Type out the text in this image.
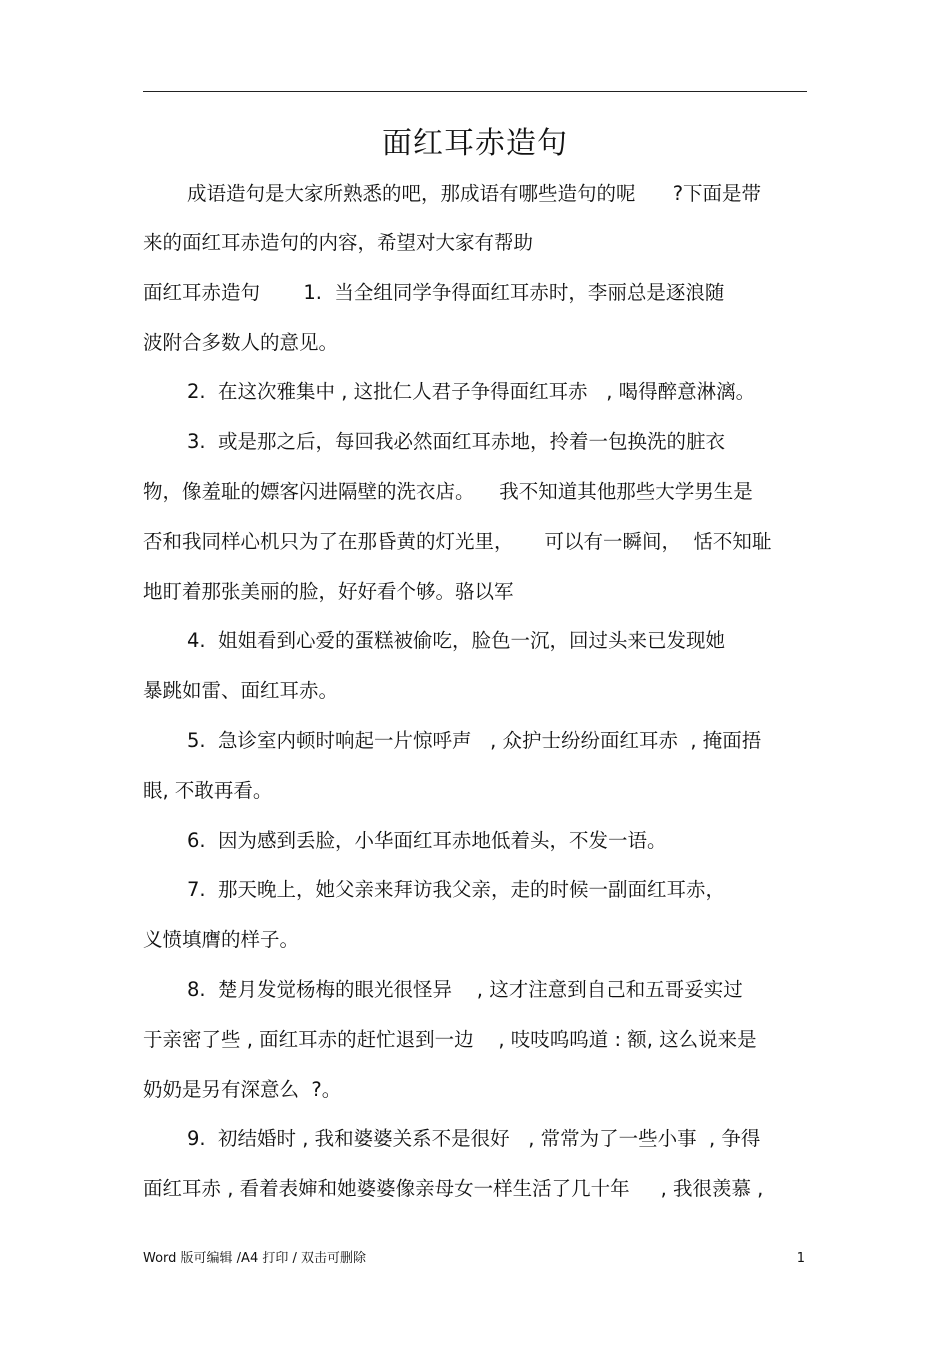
面红耳赤造句
成语造句是大家所熟悉的吧，那成语有哪些造句的呢      ?下面是带
来的面红耳赤造句的内容，希望对大家有帮助
面红耳赤造句       1.  当全组同学争得面红耳赤时，李丽总是逐浪随
波附合多数人的意见。
2.  在这次雅集中 , 这批仁人君子争得面红耳赤   , 喝得醉意淋漓。
3.  或是那之后，每回我必然面红耳赤地，拎着一包换洗的脏衣
物，像羞耻的嫖客闪进隔壁的洗衣店。    我不知道其他那些大学男生是
否和我同样心机只为了在那昏黄的灯光里，     可以有一瞬间，  恬不知耻
地盯着那张美丽的脸，好好看个够。骆以军
4.  姐姐看到心爱的蛋糕被偷吃，脸色一沉，回过头来已发现她
暴跳如雷、面红耳赤。
5.  急诊室内顿时响起一片惊呼声   , 众护士纷纷面红耳赤  , 掩面捂
眼, 不敢再看。
6.  因为感到丢脸，小华面红耳赤地低着头，不发一语。
7.  那天晚上，她父亲来拜访我父亲，走的时候一副面红耳赤，
义愤填膺的样子。
8.  楚月发觉杨梅的眼光很怪异    , 这才注意到自己和五哥妥实过
于亲密了些 , 面红耳赤的赶忙退到一边    , 吱吱呜呜道 : 额, 这么说来是
奶奶是另有深意么  ?。
9.  初结婚时 , 我和婆婆关系不是很好   , 常常为了一些小事  , 争得
面红耳赤 , 看着表婶和她婆婆像亲母女一样生活了几十年     , 我很羡慕 ,
Word 版可编辑 /A4 打印 / 双击可删除	1
